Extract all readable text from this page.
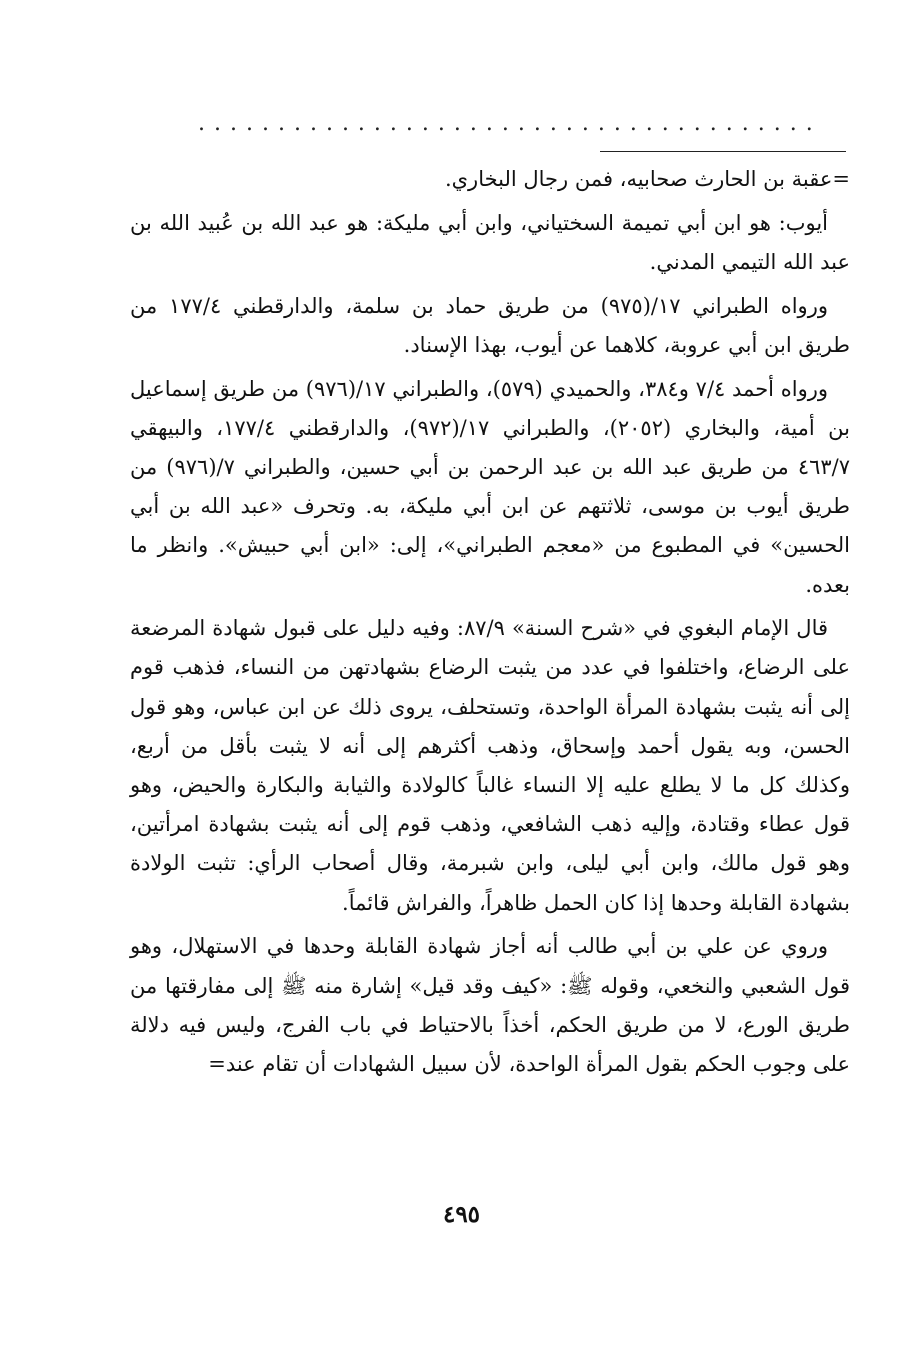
.......................................

=عقبة بن الحارث صحابيه، فمن رجال البخاري.

أيوب: هو ابن أبي تميمة السختياني، وابن أبي مليكة: هو عبد الله بن عُبيد الله بن عبد الله التيمي المدني.

ورواه الطبراني ١٧/(٩٧٥) من طريق حماد بن سلمة، والدارقطني ١٧٧/٤ من طريق ابن أبي عروبة، كلاهما عن أيوب، بهذا الإسناد.

ورواه أحمد ٧/٤ و٣٨٤، والحميدي (٥٧٩)، والطبراني ١٧/(٩٧٦) من طريق إسماعيل بن أمية، والبخاري (٢٠٥٢)، والطبراني ١٧/(٩٧٢)، والدارقطني ١٧٧/٤، والبيهقي ٤٦٣/٧ من طريق عبد الله بن عبد الرحمن بن أبي حسين، والطبراني ٧/(٩٧٦) من طريق أيوب بن موسى، ثلاثتهم عن ابن أبي مليكة، به. وتحرف «عبد الله بن أبي الحسين» في المطبوع من «معجم الطبراني»، إلى: «ابن أبي حبيش». وانظر ما بعده.

قال الإمام البغوي في «شرح السنة» ٨٧/٩: وفيه دليل على قبول شهادة المرضعة على الرضاع، واختلفوا في عدد من يثبت الرضاع بشهادتهن من النساء، فذهب قوم إلى أنه يثبت بشهادة المرأة الواحدة، وتستحلف، يروى ذلك عن ابن عباس، وهو قول الحسن، وبه يقول أحمد وإسحاق، وذهب أكثرهم إلى أنه لا يثبت بأقل من أربع، وكذلك كل ما لا يطلع عليه إلا النساء غالباً كالولادة والثيابة والبكارة والحيض، وهو قول عطاء وقتادة، وإليه ذهب الشافعي، وذهب قوم إلى أنه يثبت بشهادة امرأتين، وهو قول مالك، وابن أبي ليلى، وابن شبرمة، وقال أصحاب الرأي: تثبت الولادة بشهادة القابلة وحدها إذا كان الحمل ظاهراً، والفراش قائماً.

وروي عن علي بن أبي طالب أنه أجاز شهادة القابلة وحدها في الاستهلال، وهو قول الشعبي والنخعي، وقوله ﷺ: «كيف وقد قيل» إشارة منه ﷺ إلى مفارقتها من طريق الورع، لا من طريق الحكم، أخذاً بالاحتياط في باب الفرج، وليس فيه دلالة على وجوب الحكم بقول المرأة الواحدة، لأن سبيل الشهادات أن تقام عند=

٤٩٥
